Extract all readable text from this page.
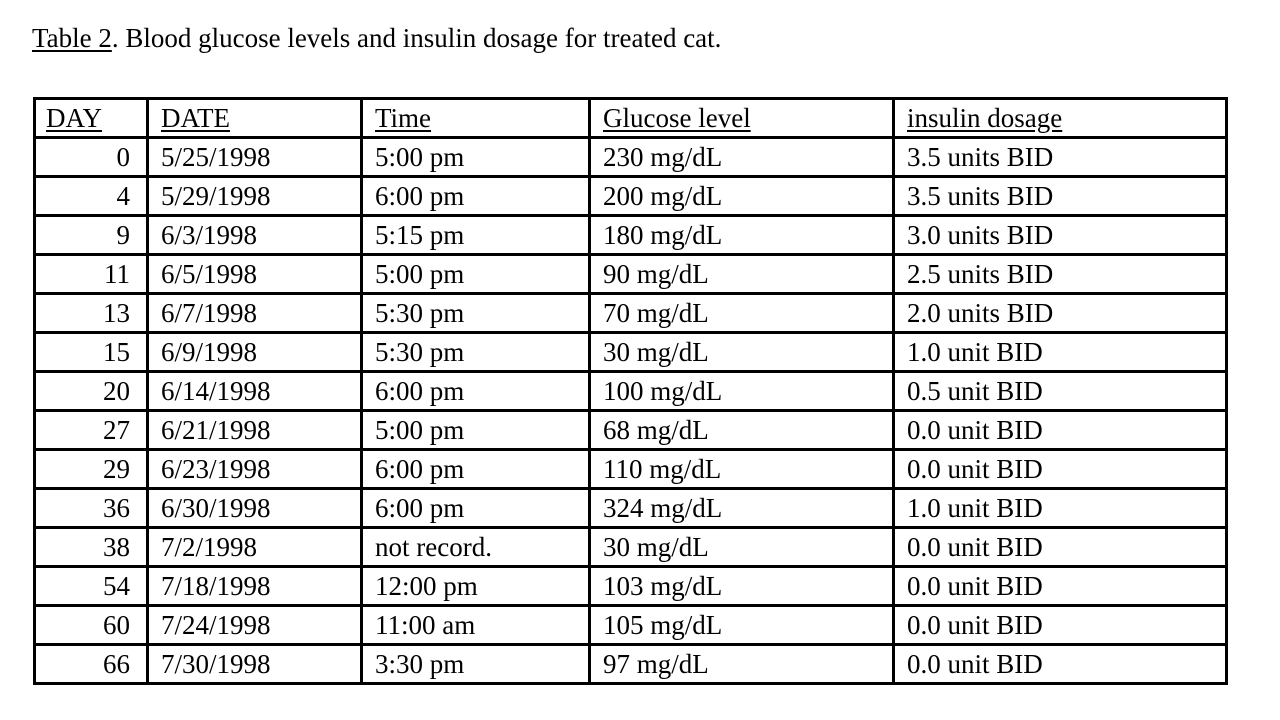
Table 2. Blood glucose levels and insulin dosage for treated cat.
DAY	DATE	Time	Glucose level	insulin dosage
0	5/25/1998	5:00 pm	230 mg/dL	3.5 units BID
4	5/29/1998	6:00 pm	200 mg/dL	3.5 units BID
9	6/3/1998	5:15 pm	180 mg/dL	3.0 units BID
11	6/5/1998	5:00 pm	90 mg/dL	2.5 units BID
13	6/7/1998	5:30 pm	70 mg/dL	2.0 units BID
15	6/9/1998	5:30 pm	30 mg/dL	1.0 unit BID
20	6/14/1998	6:00 pm	100 mg/dL	0.5 unit BID
27	6/21/1998	5:00 pm	68 mg/dL	0.0 unit BID
29	6/23/1998	6:00 pm	110 mg/dL	0.0 unit BID
36	6/30/1998	6:00 pm	324 mg/dL	1.0 unit BID
38	7/2/1998	not record.	30 mg/dL	0.0 unit BID
54	7/18/1998	12:00 pm	103 mg/dL	0.0 unit BID
60	7/24/1998	11:00 am	105 mg/dL	0.0 unit BID
66	7/30/1998	3:30 pm	97 mg/dL	0.0 unit BID
